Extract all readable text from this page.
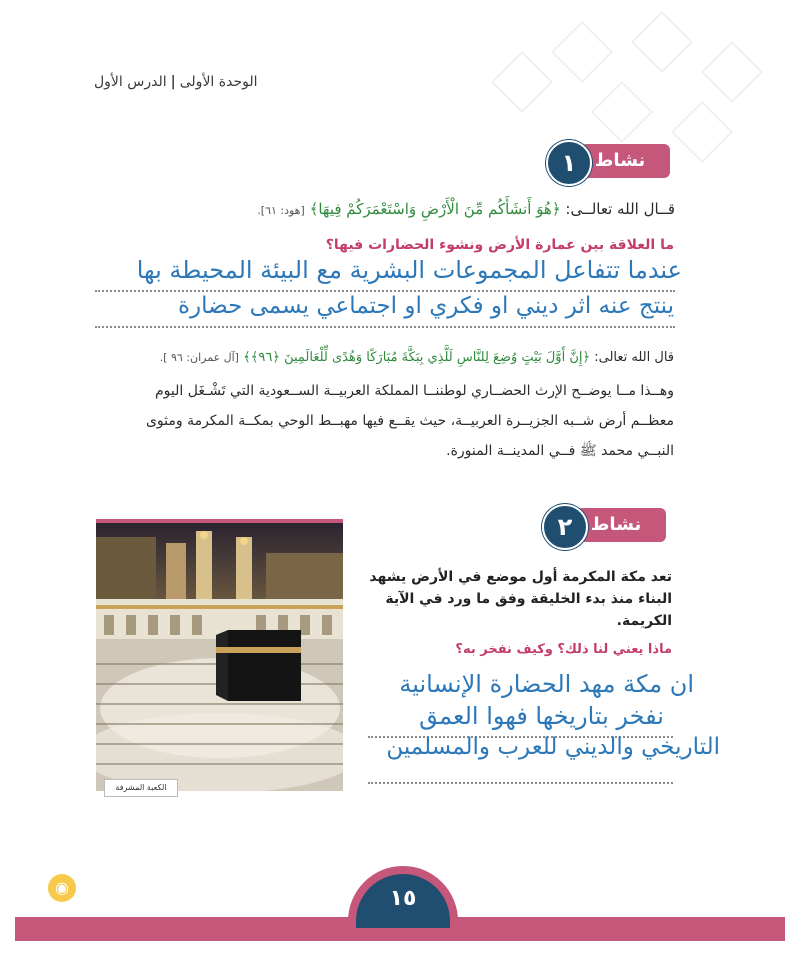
الوحدة الأولى|الدرس الأول
نشاط
١
قــال الله تعالــى: ﴿هُوَ أَنشَأَكُم مِّنَ الْأَرْضِ وَاسْتَعْمَرَكُمْ فِيهَا﴾ [هود: ٦١].
ما العلاقة بين عمارة الأرض ونشوء الحضارات فيها؟
عندما تتفاعل المجموعات البشرية مع البيئة المحيطة بها
ينتج عنه اثر ديني او فكري او اجتماعي يسمى حضارة
قال الله تعالى: ﴿إِنَّ أَوَّلَ بَيْتٍ وُضِعَ لِلنَّاسِ لَلَّذِي بِبَكَّةَ مُبَارَكًا وَهُدًى لِّلْعَالَمِينَ ﴿٩٦﴾﴾ [آل عمران: ٩٦ ].
وهــذا مــا يوضــح الإرث الحضــاري لوطننــا المملكة العربيــة الســعودية التي تَشْـغَل اليوم
معظــم أرض شــبه الجزيــرة العربيــة، حيث يقــع فيها مهبــط الوحي بمكــة المكرمة ومثوى
النبــي محمد ﷺ فــي المدينــة المنورة.
نشاط
٢
الكعبة المشرفة
تعد مكة المكرمة أول موضع في الأرض يشهد
البناء منذ بدء الخليقة وفق ما ورد في الآية
الكريمة.
ماذا يعني لنا ذلك؟ وكيف نفخر به؟
ان مكة مهد الحضارة الإنسانية
نفخر بتاريخها فهوا العمق
التاريخي والديني للعرب والمسلمين
◉	١٥
